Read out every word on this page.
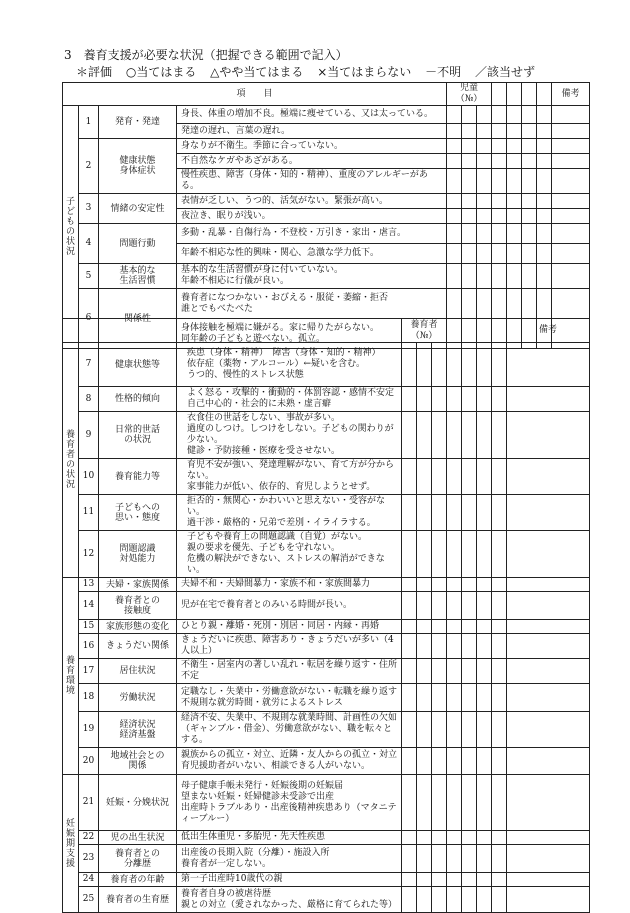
3　養育支援が必要な状況（把握できる範囲で記入）
＊評価 ○当てはまる △やや当てはまる ×当てはまらない －不明 ／該当せず
項　　目				児童（№）							備考
子どもの状況	1	発育・発達	身長、体重の増加不良。極端に痩せている、又は太っている。								
			発達の遅れ、言葉の遅れ。								
	2	健康状態
身体症状	身なりが不衛生。季節に合っていない。								
			不自然なケガやあざがある。								
			慢性疾患、障害（身体・知的・精神）、重度のアレルギーがある。								
	3	情緒の安定性	表情が乏しい、うつ的、活気がない。緊張が高い。								
			夜泣き、眠りが浅い。								
	4	問題行動	多動・乱暴・自傷行為・不登校・万引き・家出・虐言。								
			年齢不相応な性的興味・関心、急激な学力低下。								
	5	基本的な
生活習慣	基本的な生活習慣が身に付いていない。
年齢不相応に行儀が良い。								
	6	関係性	養育者になつかない・おびえる・服従・萎縮・拒否
誰とでもべたべた								
			身体接触を極端に嫌がる。家に帰りたがらない。
同年齢の子どもと遊べない。孤立。								
				養育者（№）							備考
養育者の状況	7	健康状態等	疾患（身体・精神）　障害（身体・知的・精神）
依存症（薬物・アルコール）←疑いを含む。
うつ的、慢性的ストレス状態								
	8	性格的傾向	よく怒る・攻撃的・衝動的・体罰容認・感情不安定
自己中心的・社会的に未熟・虚言癖								
	9	日常的世話
の状況	衣食住の世話をしない、事故が多い。
過度のしつけ。しつけをしない。子どもの関わりが少ない。
健診・予防接種・医療を受させない。								
	10	養育能力等	育児不安が強い、発達理解がない、育て方が分からない。
家事能力が低い、依存的、育児しようとせず。								
	11	子どもへの
思い・態度	拒否的・無関心・かわいいと思えない・受容がない。
過干渉・厳格的・兄弟で差別・イライラする。								
	12	問題認識
対処能力	子どもや養育上の問題認識（自覚）がない。
親の要求を優先、子どもを守れない。
危機の解決ができない、ストレスの解消ができない。								
養育環境	13	夫婦・家族関係	夫婦不和・夫婦間暴力・家族不和・家族間暴力								
	14	養育者との
接触度	児が在宅で養育者とのみいる時間が長い。								
	15	家族形態の変化	ひとり親・離婚・死別・別居・同居・内縁・再婚								
	16	きょうだい関係	きょうだいに疾患、障害あり・きょうだいが多い（4人以上）								
	17	居住状況	不衛生・居室内の著しい乱れ・転居を繰り返す・住所不定								
	18	労働状況	定職なし・失業中・労働意欲がない・転職を繰り返す
不規則な就労時間・就労によるストレス								
	19	経済状況
経済基盤	経済不安、失業中、不規則な就業時間、計画性の欠如（ギャンブル・借金）、労働意欲がない、職を転々とする。								
	20	地域社会との
関係	親族からの孤立・対立、近隣・友人からの孤立・対立
育児援助者がいない、相談できる人がいない。								
妊娠期支援	21	妊娠・分娩状況	母子健康手帳未発行・妊娠後期の妊娠届
望まない妊娠・妊婦健診未受診で出産
出産時トラブルあり・出産後精神疾患あり（マタニティーブルー）								
	22	児の出生状況	低出生体重児・多胎児・先天性疾患								
	23	養育者との
分離歴	出産後の長期入院（分離）・施設入所
養育者が一定しない。								
	24	養育者の年齢	第一子出産時10歳代の親								
	25	養育者の生育歴	養育者自身の被虐待歴
親との対立（愛されなかった、厳格に育てられた等）								
